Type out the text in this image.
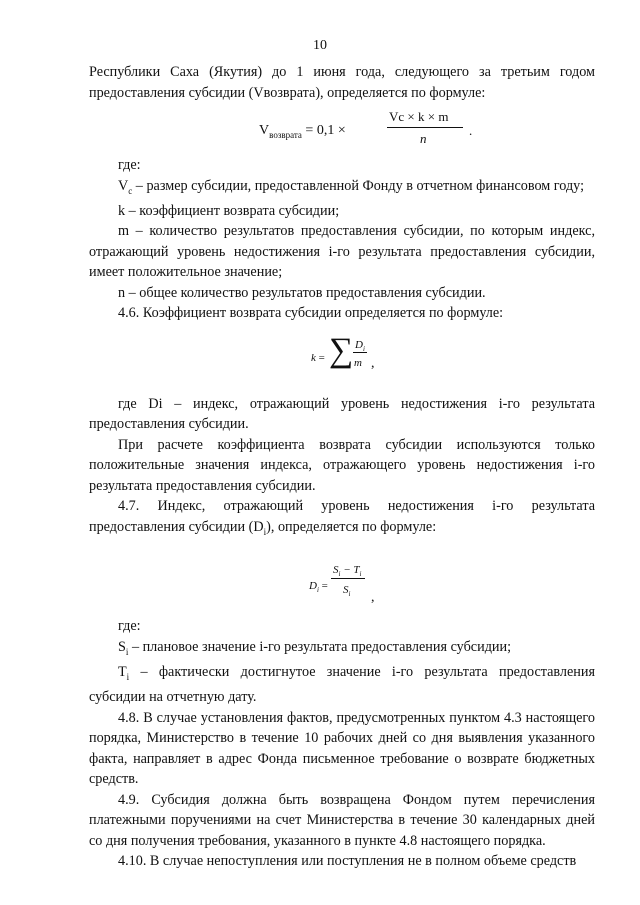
10

Республики Саха (Якутия) до 1 июня года, следующего за третьим годом предоставления субсидии (Vвозврата), определяется по формуле:

$V_{возврата} = 0,1$ ×
Vc × k × m
n
.

где:

$V_c$ – размер субсидии, предоставленной Фонду в отчетном финансовом году;

k – коэффициент возврата субсидии;

m – количество результатов предоставления субсидии, по которым индекс, отражающий уровень недостижения i-го результата предоставления субсидии, имеет положительное значение;

n – общее количество результатов предоставления субсидии.

4.6. Коэффициент возврата субсидии определяется по формуле:

k = ∑ $D_i$
m ,

где Di – индекс, отражающий уровень недостижения i-го результата предоставления субсидии.

При расчете коэффициента возврата субсидии используются только положительные значения индекса, отражающего уровень недостижения i-го результата предоставления субсидии.

4.7. Индекс, отражающий уровень недостижения i-го результата предоставления субсидии $(D_i)$, определяется по формуле:

$D_i$ =
$S_i - T_i$
$S_i$ ,

где:

$S_i$ – плановое значение i-го результата предоставления субсидии;

$T_i$ – фактически достигнутое значение i-го результата предоставления субсидии на отчетную дату.

4.8. В случае установления фактов, предусмотренных пунктом 4.3 настоящего порядка, Министерство в течение 10 рабочих дней со дня выявления указанного факта, направляет в адрес Фонда письменное требование о возврате бюджетных средств.

4.9. Субсидия должна быть возвращена Фондом путем перечисления платежными поручениями на счет Министерства в течение 30 календарных дней со дня получения требования, указанного в пункте 4.8 настоящего порядка.

4.10. В случае непоступления или поступления не в полном объеме средств
